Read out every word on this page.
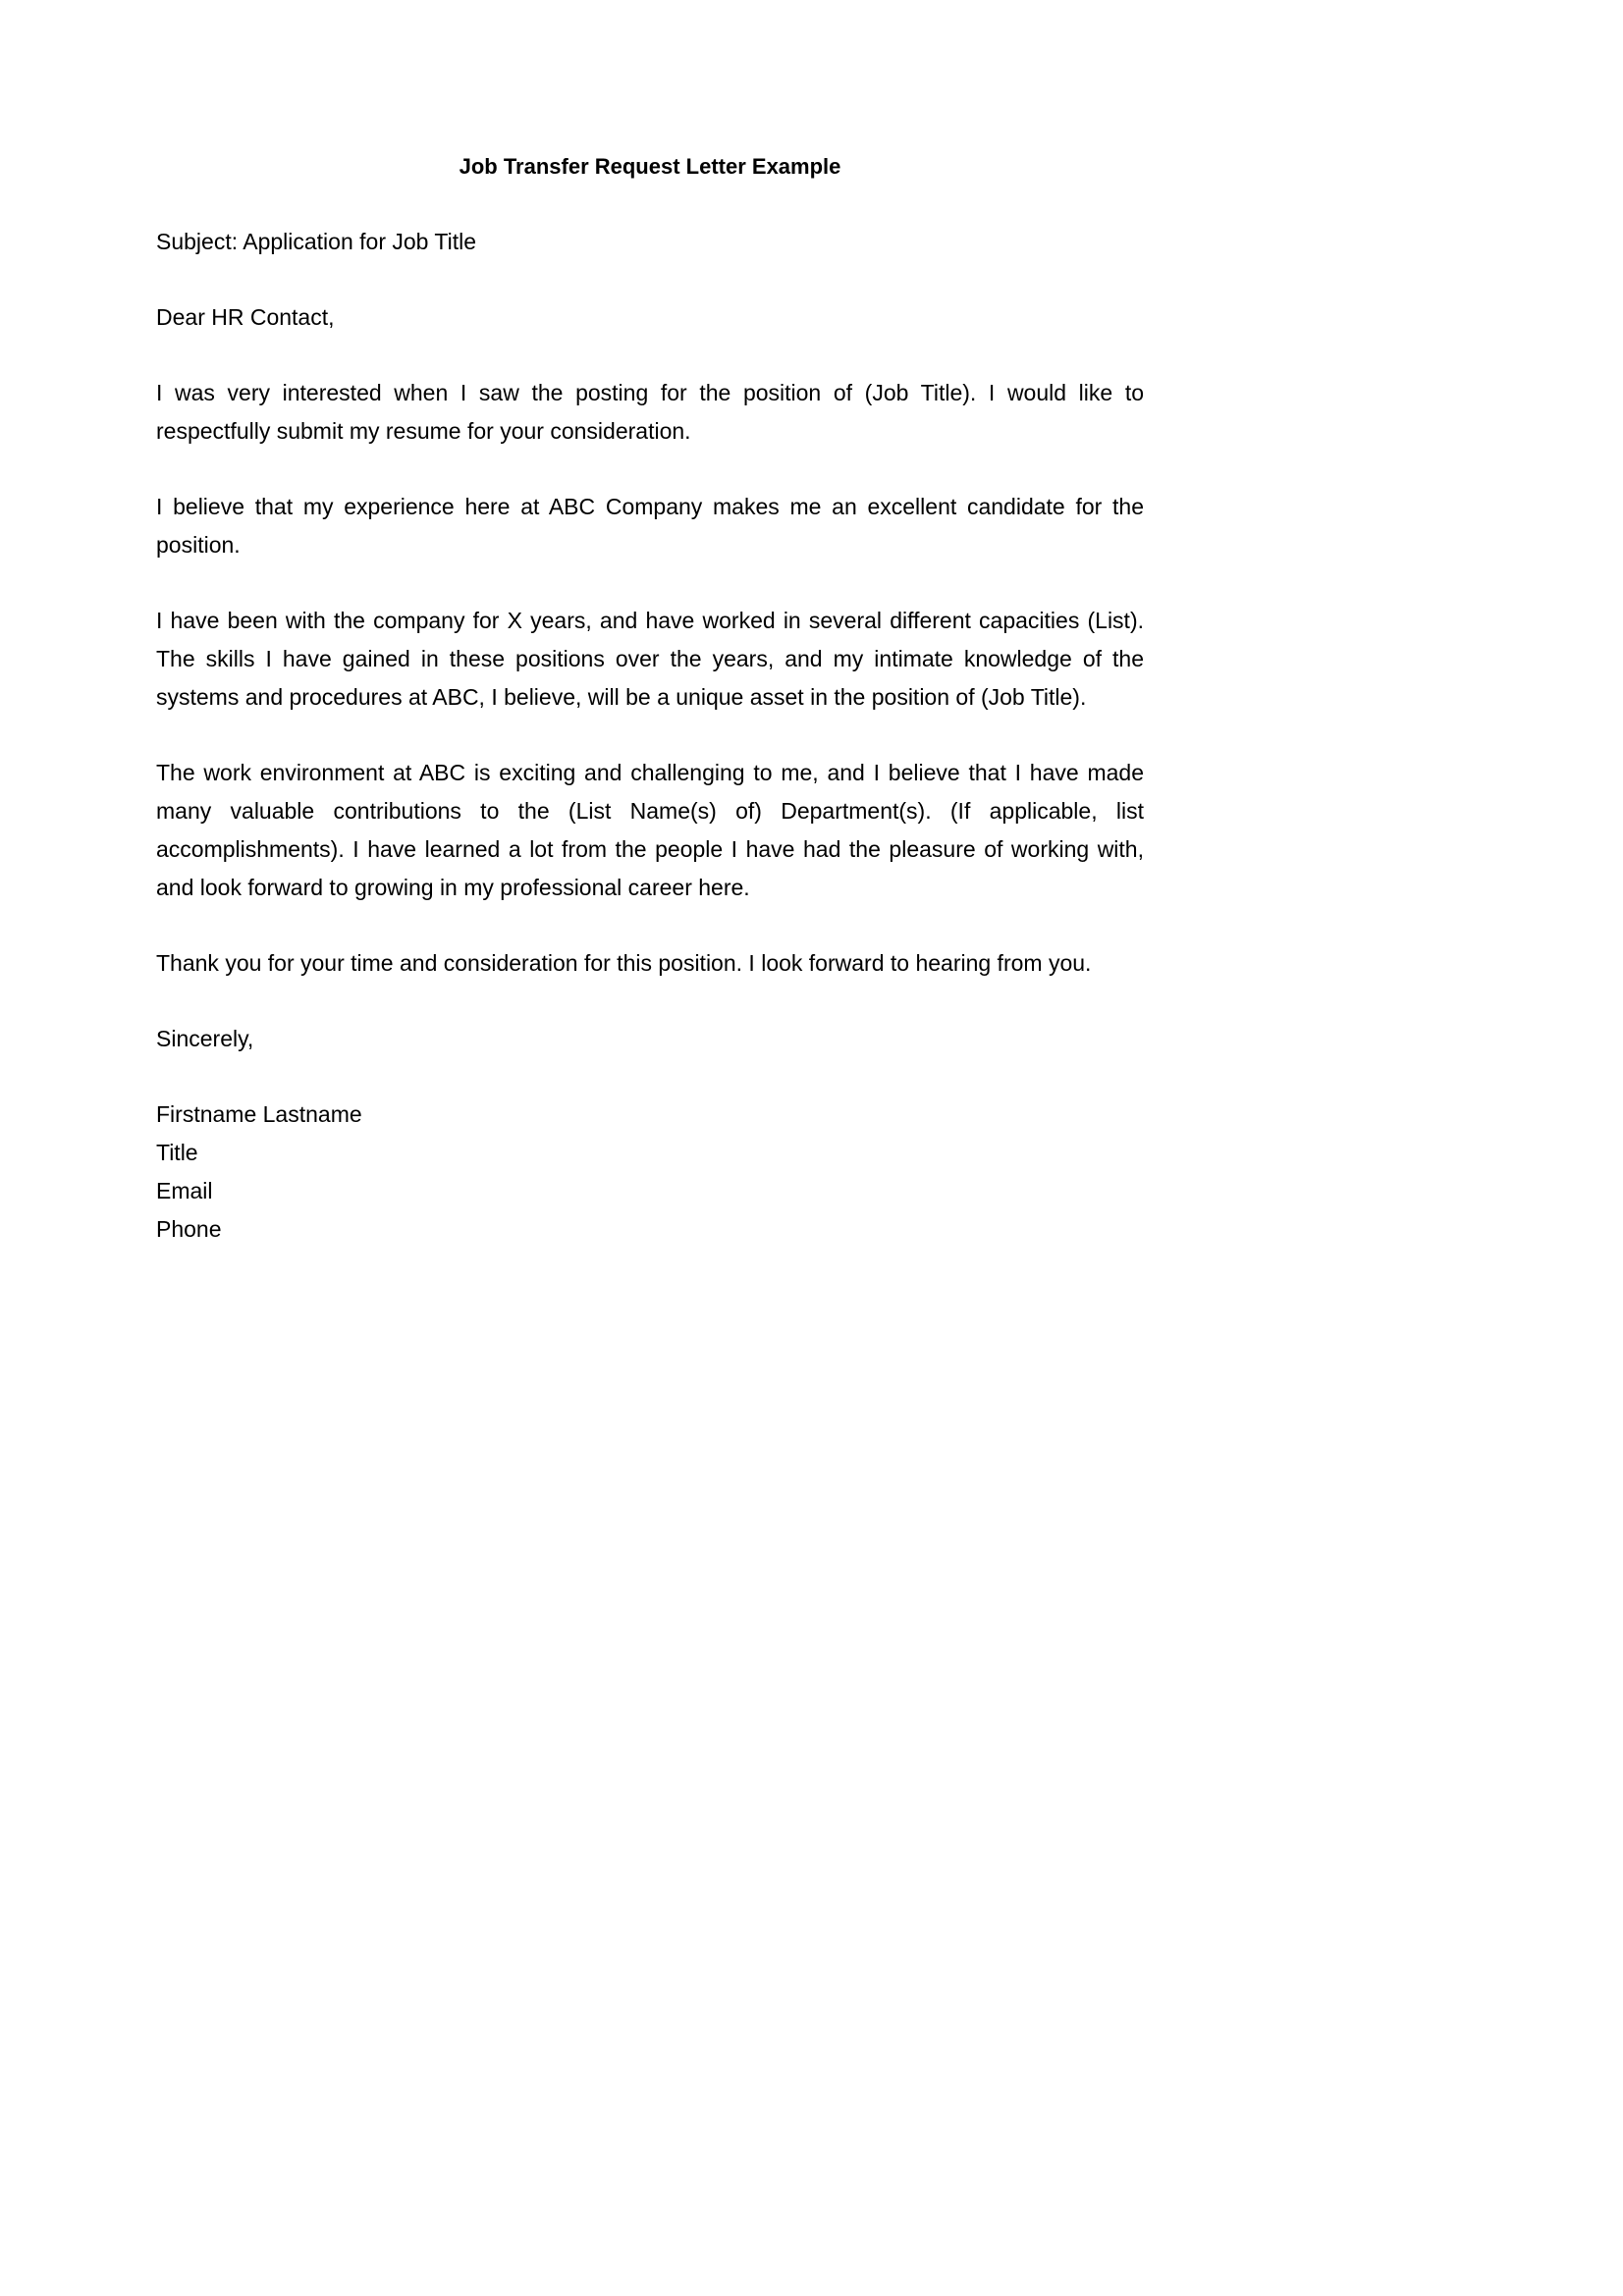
Job Transfer Request Letter Example
Subject: Application for Job Title
Dear HR Contact,
I was very interested when I saw the posting for the position of (Job Title). I would like to respectfully submit my resume for your consideration.
I believe that my experience here at ABC Company makes me an excellent candidate for the position.
I have been with the company for X years, and have worked in several different capacities (List). The skills I have gained in these positions over the years, and my intimate knowledge of the systems and procedures at ABC, I believe, will be a unique asset in the position of (Job Title).
The work environment at ABC is exciting and challenging to me, and I believe that I have made many valuable contributions to the (List Name(s) of) Department(s). (If applicable, list accomplishments). I have learned a lot from the people I have had the pleasure of working with, and look forward to growing in my professional career here.
Thank you for your time and consideration for this position. I look forward to hearing from you.
Sincerely,
Firstname Lastname
Title
Email
Phone
